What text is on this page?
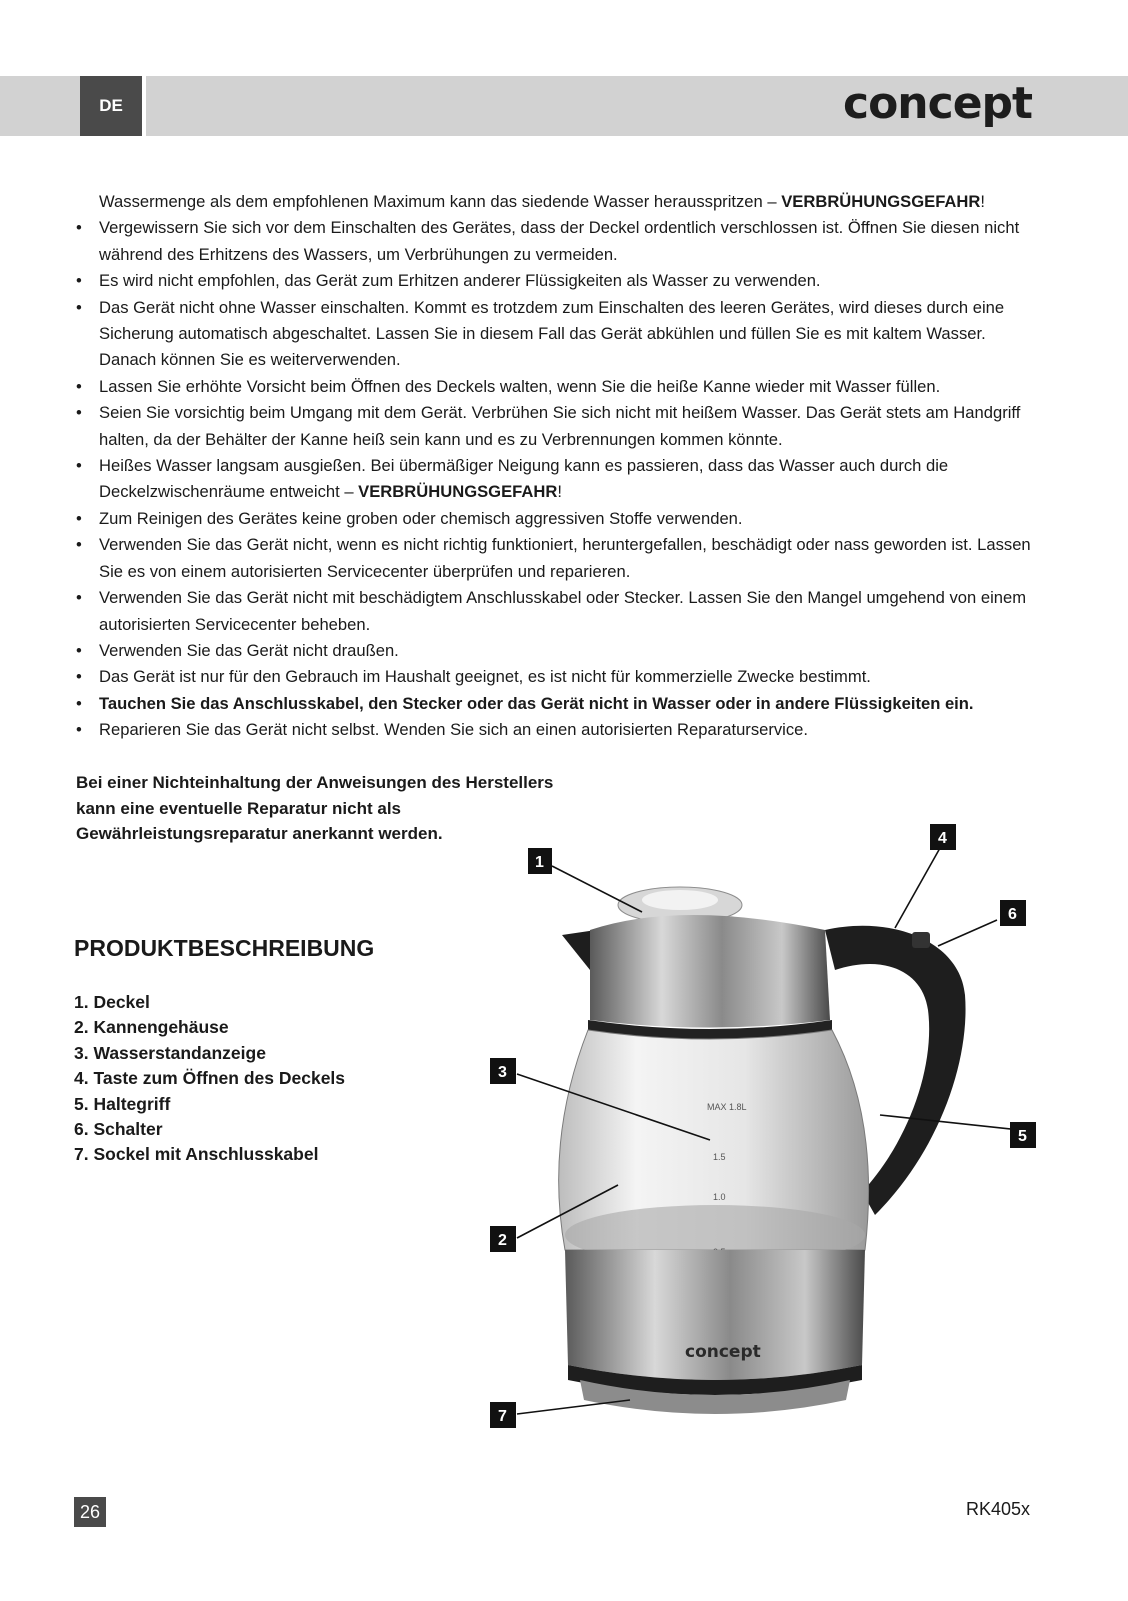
DE	concept
Wassermenge als dem empfohlenen Maximum kann das siedende Wasser herausspritzen – VERBRÜHUNGSGEFAHR!
• Vergewissern Sie sich vor dem Einschalten des Gerätes, dass der Deckel ordentlich verschlossen ist. Öffnen Sie diesen nicht während des Erhitzens des Wassers, um Verbrühungen zu vermeiden.
• Es wird nicht empfohlen, das Gerät zum Erhitzen anderer Flüssigkeiten als Wasser zu verwenden.
• Das Gerät nicht ohne Wasser einschalten. Kommt es trotzdem zum Einschalten des leeren Gerätes, wird dieses durch eine Sicherung automatisch abgeschaltet. Lassen Sie in diesem Fall das Gerät abkühlen und füllen Sie es mit kaltem Wasser. Danach können Sie es weiterverwenden.
• Lassen Sie erhöhte Vorsicht beim Öffnen des Deckels walten, wenn Sie die heiße Kanne wieder mit Wasser füllen.
• Seien Sie vorsichtig beim Umgang mit dem Gerät. Verbrühen Sie sich nicht mit heißem Wasser. Das Gerät stets am Handgriff halten, da der Behälter der Kanne heiß sein kann und es zu Verbrennungen kommen könnte.
• Heißes Wasser langsam ausgießen. Bei übermäßiger Neigung kann es passieren, dass das Wasser auch durch die Deckelzwischenräume entweicht – VERBRÜHUNGSGEFAHR!
• Zum Reinigen des Gerätes keine groben oder chemisch aggressiven Stoffe verwenden.
• Verwenden Sie das Gerät nicht, wenn es nicht richtig funktioniert, heruntergefallen, beschädigt oder nass geworden ist. Lassen Sie es von einem autorisierten Servicecenter überprüfen und reparieren.
• Verwenden Sie das Gerät nicht mit beschädigtem Anschlusskabel oder Stecker. Lassen Sie den Mangel umgehend von einem autorisierten Servicecenter beheben.
• Verwenden Sie das Gerät nicht draußen.
• Das Gerät ist nur für den Gebrauch im Haushalt geeignet, es ist nicht für kommerzielle Zwecke bestimmt.
• Tauchen Sie das Anschlusskabel, den Stecker oder das Gerät nicht in Wasser oder in andere Flüssigkeiten ein.
• Reparieren Sie das Gerät nicht selbst. Wenden Sie sich an einen autorisierten Reparaturservice.
Bei einer Nichteinhaltung der Anweisungen des Herstellers
kann eine eventuelle Reparatur nicht als
Gewährleistungsreparatur anerkannt werden.
PRODUKTBESCHREIBUNG
1. Deckel
2. Kannengehäuse
3. Wasserstandanzeige
4. Taste zum Öffnen des Deckels
5. Haltegriff
6. Schalter
7. Sockel mit Anschlusskabel
MAX 1.8L
1.5
1.0
concept
1
2
3
4
5
6
7
26	RK405x
